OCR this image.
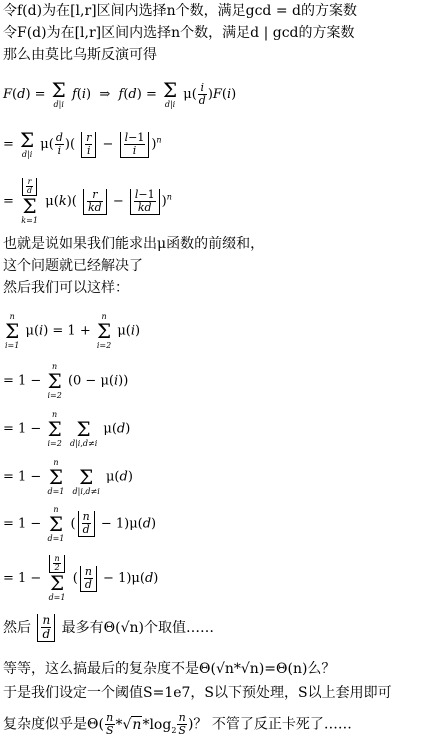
令f(d)为在[l,r]区间内选择n个数，满足gcd = d的方案数
令F(d)为在[l,r]区间内选择n个数，满足d | gcd的方案数
那么由莫比乌斯反演可得
F(d) = Σ
d|i
f(i)  ⇒  f(d) = Σ
d|i
$\mu( \frac{i}{d} )F(i)$
= Σ
d|i
$\mu( \frac{d}{i}$ )( $\frac{r}{i} - \frac{l-1}{i} )^n$
=
$\frac{r}{d}$
Σ
k=1
$\mu(k)( \frac{r}{kd} - \frac{l-1}{kd} )^n$
也就是说如果我们能求出μ函数的前缀和，
这个问题就已经解决了
然后我们可以这样：
n
Σ
i=1
μ(i) = 1 +
n
Σ
i=2
μ(i)
= 1 −
n
Σ
i=2
(0 − μ(i))
= 1 −
n
Σ
i=2

Σ
d|i,d≠i
μ(d)
= 1 −
n
Σ
d=1

Σ
d|i,d≠i
μ(d)
= 1 −
n
Σ
d=1
( $\frac{n}{d} - 1)\mu(d)$
= 1 −
$\frac{n}{2}$
Σ
d=1
( $\frac{n}{d} - 1)\mu(d)$
然后 $\frac{n}{d}$ 最多有Θ(√n)个取值……
等等，这么搞最后的复杂度不是Θ(√n*√n)=Θ(n)么？
于是我们设定一个阈值S=1e7，S以下预处理，S以上套用即可
复杂度似乎是$\Theta( \frac{n}{S} *√n*\log_2 \frac{n}{S}$ )？ 不管了反正卡死了……
